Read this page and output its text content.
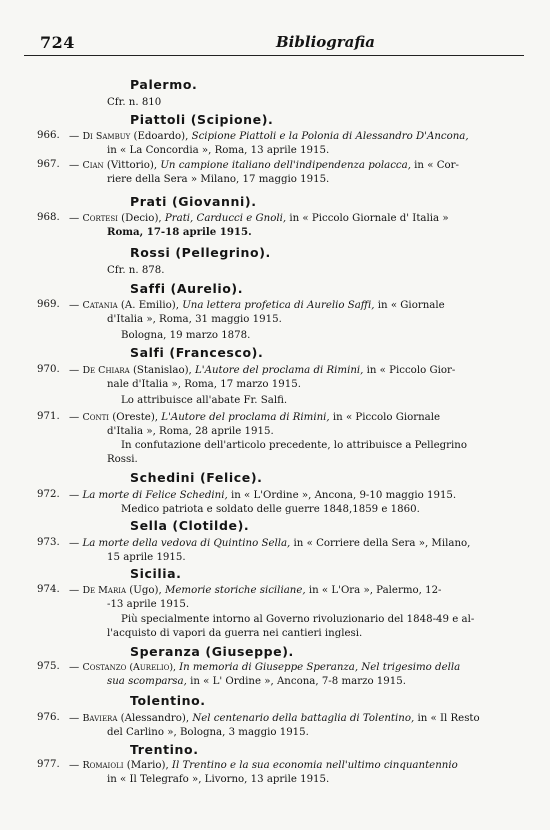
724	Bibliografia
Palermo.
Cfr. n. 810
Piattoli (Scipione).
966. — Di Sambuy (Edoardo), Scipione Piattoli e la Polonia di Alessandro D'Ancona,
in « La Concordia », Roma, 13 aprile 1915.
967. — Cian (Vittorio), Un campione italiano dell'indipendenza polacca, in « Cor-
riere della Sera » Milano, 17 maggio 1915.
Prati (Giovanni).
968. — Cortesi (Decio), Prati, Carducci e Gnoli, in « Piccolo Giornale d' Italia »
Roma, 17-18 aprile 1915.
Rossi (Pellegrino).
Cfr. n. 878.
Saffi (Aurelio).
969. — Catania (A. Emilio), Una lettera profetica di Aurelio Saffi, in « Giornale
d'Italia », Roma, 31 maggio 1915.
Bologna, 19 marzo 1878.
Salfi (Francesco).
970. — De Chiara (Stanislao), L'Autore del proclama di Rimini, in « Piccolo Gior-
nale d'Italia », Roma, 17 marzo 1915.
Lo attribuisce all'abate Fr. Salfi.
971. — Conti (Oreste), L'Autore del proclama di Rimini, in « Piccolo Giornale
d'Italia », Roma, 28 aprile 1915.
In confutazione dell'articolo precedente, lo attribuisce a Pellegrino
Rossi.
Schedini (Felice).
972. — La morte di Felice Schedini, in « L'Ordine », Ancona, 9-10 maggio 1915.
Medico patriota e soldato delle guerre 1848,1859 e 1860.
Sella (Clotilde).
973. — La morte della vedova di Quintino Sella, in « Corriere della Sera », Milano,
15 aprile 1915.
Sicilia.
974. — De Maria (Ugo), Memorie storiche siciliane, in « L'Ora », Palermo, 12-
-13 aprile 1915.
Più specialmente intorno al Governo rivoluzionario del 1848-49 e al-
l'acquisto di vapori da guerra nei cantieri inglesi.
Speranza (Giuseppe).
975. — Costanzo (Aurelio), In memoria di Giuseppe Speranza, Nel trigesimo della
sua scomparsa, in « L' Ordine », Ancona, 7-8 marzo 1915.
Tolentino.
976. — Baviera (Alessandro), Nel centenario della battaglia di Tolentino, in « Il Resto
del Carlino », Bologna, 3 maggio 1915.
Trentino.
977. — Romaioli (Mario), Il Trentino e la sua economia nell'ultimo cinquantennio
in « Il Telegrafo », Livorno, 13 aprile 1915.
